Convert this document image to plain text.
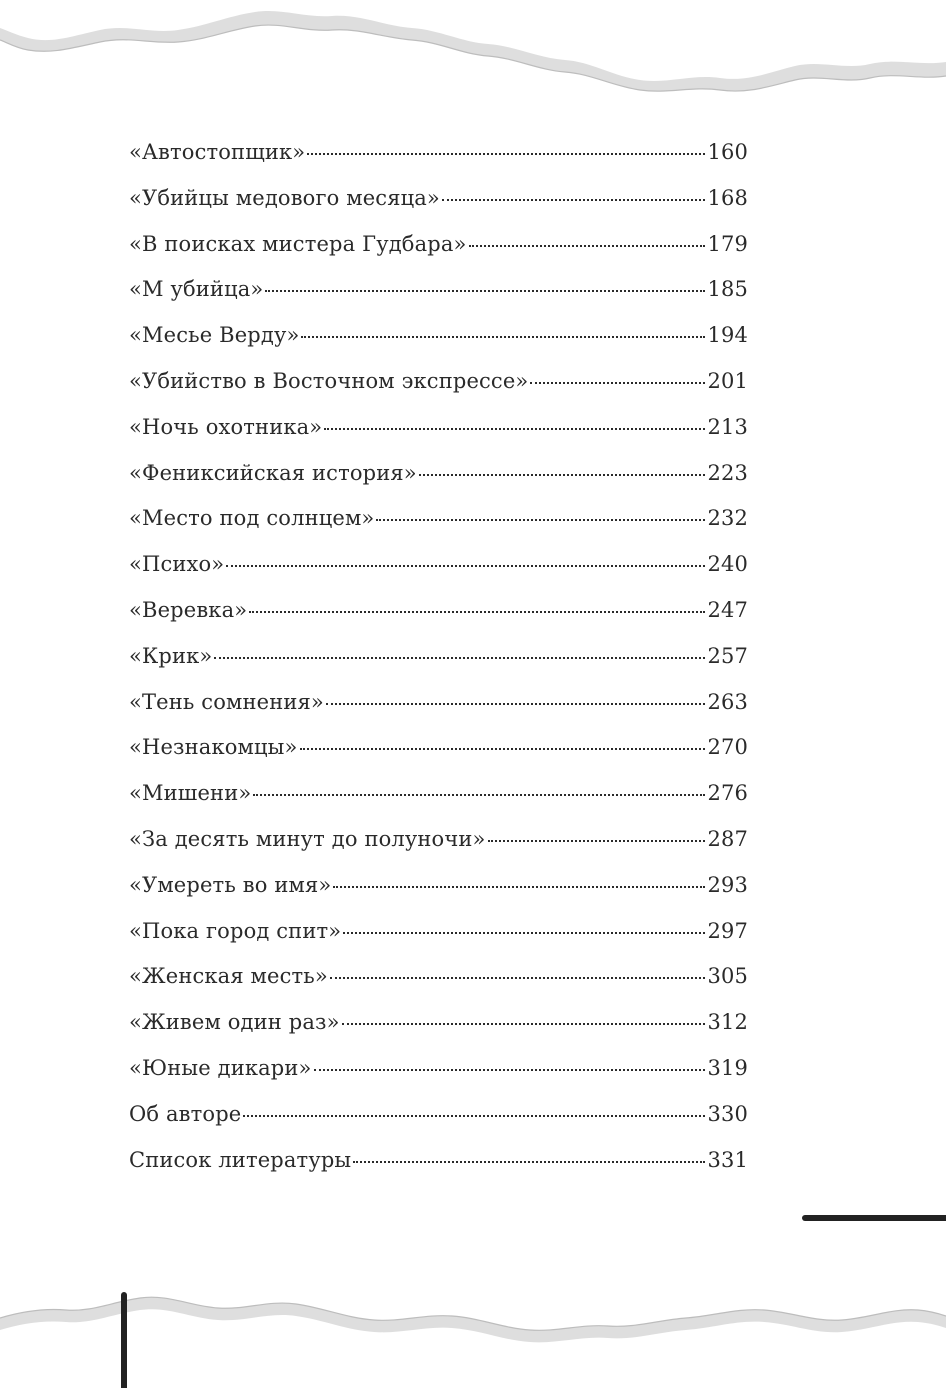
«Автостопщик»	160
«Убийцы медового месяца»	168
«В поисках мистера Гудбара»	179
«М убийца»	185
«Месье Верду»	194
«Убийство в Восточном экспрессе»	201
«Ночь охотника»	213
«Фениксийская история»	223
«Место под солнцем»	232
«Психо»	240
«Веревка»	247
«Крик»	257
«Тень сомнения»	263
«Незнакомцы»	270
«Мишени»	276
«За десять минут до полуночи»	287
«Умереть во имя»	293
«Пока город спит»	297
«Женская месть»	305
«Живем один раз»	312
«Юные дикари»	319
Об авторе	330
Список литературы	331
